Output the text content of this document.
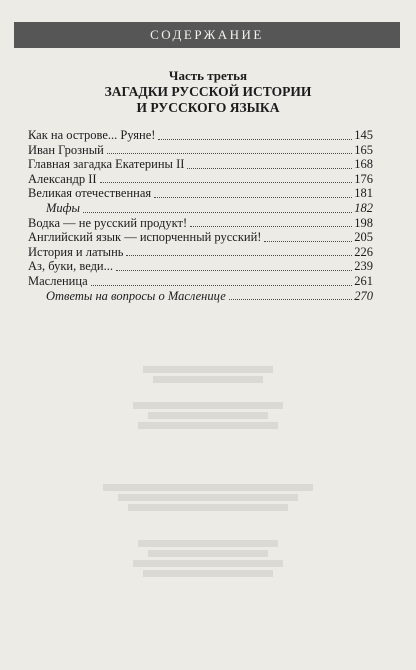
СОДЕРЖАНИЕ
Часть третья
ЗАГАДКИ РУССКОЙ ИСТОРИИ
И РУССКОГО ЯЗЫКА
Как на острове... Руяне!	145
Иван Грозный	165
Главная загадка Екатерины II	168
Александр II	176
Великая отечественная	181
Мифы	182
Водка — не русский продукт!	198
Английский язык — испорченный русский!	205
История и латынь	226
Аз, буки, веди...	239
Масленица	261
Ответы на вопросы о Масленице	270
